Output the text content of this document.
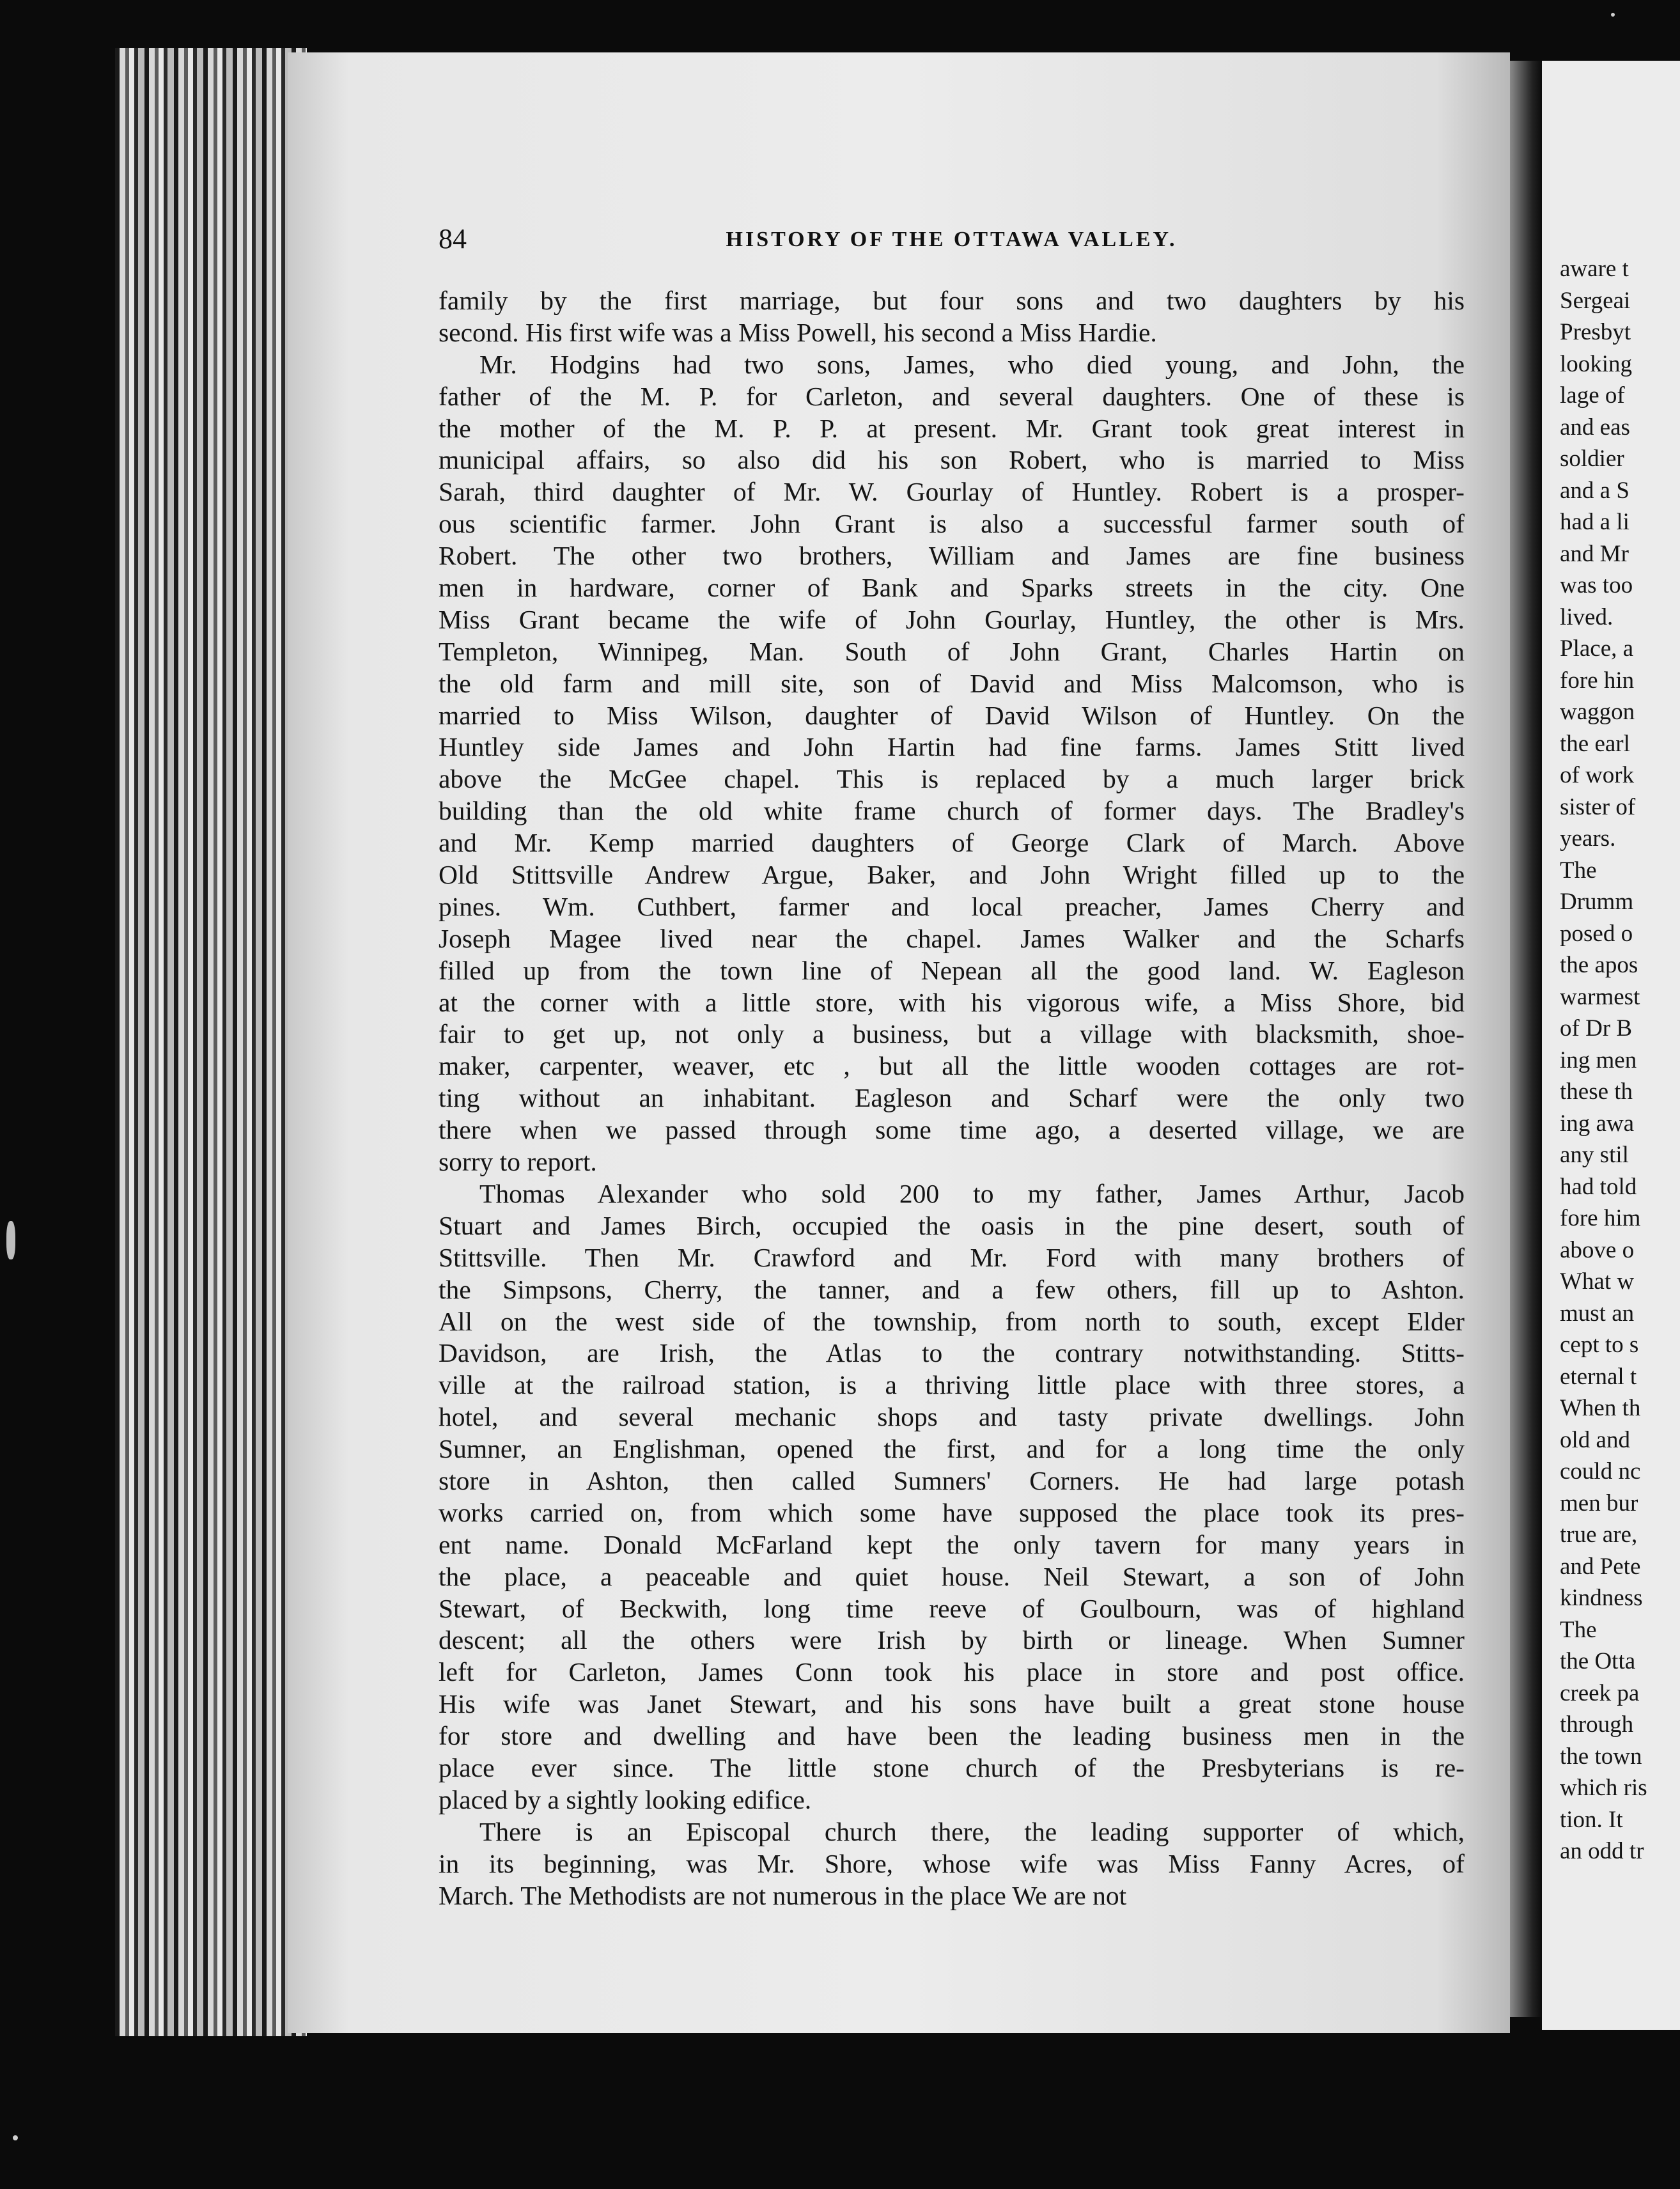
84	HISTORY OF THE OTTAWA VALLEY.
family by the first marriage, but four sons and two daughters by his
second. His first wife was a Miss Powell, his second a Miss Hardie.
Mr. Hodgins had two sons, James, who died young, and John, the
father of the M. P. for Carleton, and several daughters. One of these is
the mother of the M. P. P. at present. Mr. Grant took great interest in
municipal affairs, so also did his son Robert, who is married to Miss
Sarah, third daughter of Mr. W. Gourlay of Huntley. Robert is a prosper-
ous scientific farmer. John Grant is also a successful farmer south of
Robert. The other two brothers, William and James are fine business
men in hardware, corner of Bank and Sparks streets in the city. One
Miss Grant became the wife of John Gourlay, Huntley, the other is Mrs.
Templeton, Winnipeg, Man. South of John Grant, Charles Hartin on
the old farm and mill site, son of David and Miss Malcomson, who is
married to Miss Wilson, daughter of David Wilson of Huntley. On the
Huntley side James and John Hartin had fine farms. James Stitt lived
above the McGee chapel. This is replaced by a much larger brick
building than the old white frame church of former days. The Bradley's
and Mr. Kemp married daughters of George Clark of March. Above
Old Stittsville Andrew Argue, Baker, and John Wright filled up to the
pines. Wm. Cuthbert, farmer and local preacher, James Cherry and
Joseph Magee lived near the chapel. James Walker and the Scharfs
filled up from the town line of Nepean all the good land. W. Eagleson
at the corner with a little store, with his vigorous wife, a Miss Shore, bid
fair to get up, not only a business, but a village with blacksmith, shoe-
maker, carpenter, weaver, etc , but all the little wooden cottages are rot-
ting without an inhabitant. Eagleson and Scharf were the only two
there when we passed through some time ago, a deserted village, we are
sorry to report.
Thomas Alexander who sold 200 to my father, James Arthur, Jacob
Stuart and James Birch, occupied the oasis in the pine desert, south of
Stittsville. Then Mr. Crawford and Mr. Ford with many brothers of
the Simpsons, Cherry, the tanner, and a few others, fill up to Ashton.
All on the west side of the township, from north to south, except Elder
Davidson, are Irish, the Atlas to the contrary notwithstanding. Stitts-
ville at the railroad station, is a thriving little place with three stores, a
hotel, and several mechanic shops and tasty private dwellings. John
Sumner, an Englishman, opened the first, and for a long time the only
store in Ashton, then called Sumners' Corners. He had large potash
works carried on, from which some have supposed the place took its pres-
ent name. Donald McFarland kept the only tavern for many years in
the place, a peaceable and quiet house. Neil Stewart, a son of John
Stewart, of Beckwith, long time reeve of Goulbourn, was of highland
descent; all the others were Irish by birth or lineage. When Sumner
left for Carleton, James Conn took his place in store and post office.
His wife was Janet Stewart, and his sons have built a great stone house
for store and dwelling and have been the leading business men in the
place ever since. The little stone church of the Presbyterians is re-
placed by a sightly looking edifice.
There is an Episcopal church there, the leading supporter of which,
in its beginning, was Mr. Shore, whose wife was Miss Fanny Acres, of
March. The Methodists are not numerous in the place We are not
aware t
Sergeai
Presbyt
looking
lage of
and eas
soldier
and a S
had a li
and Mr
was too
lived.
Place, a
fore hin
waggon
the earl
of work
sister of
years.
The
Drumm
posed o
the apos
warmest
of Dr B
ing men
these th
ing awa
any stil
had told
fore him
above o
What w
must an
cept to s
eternal t
When th
old and
could nc
men bur
true are,
and Pete
kindness
The
the Otta
creek pa
through
the town
which ris
tion. It
an odd tr
